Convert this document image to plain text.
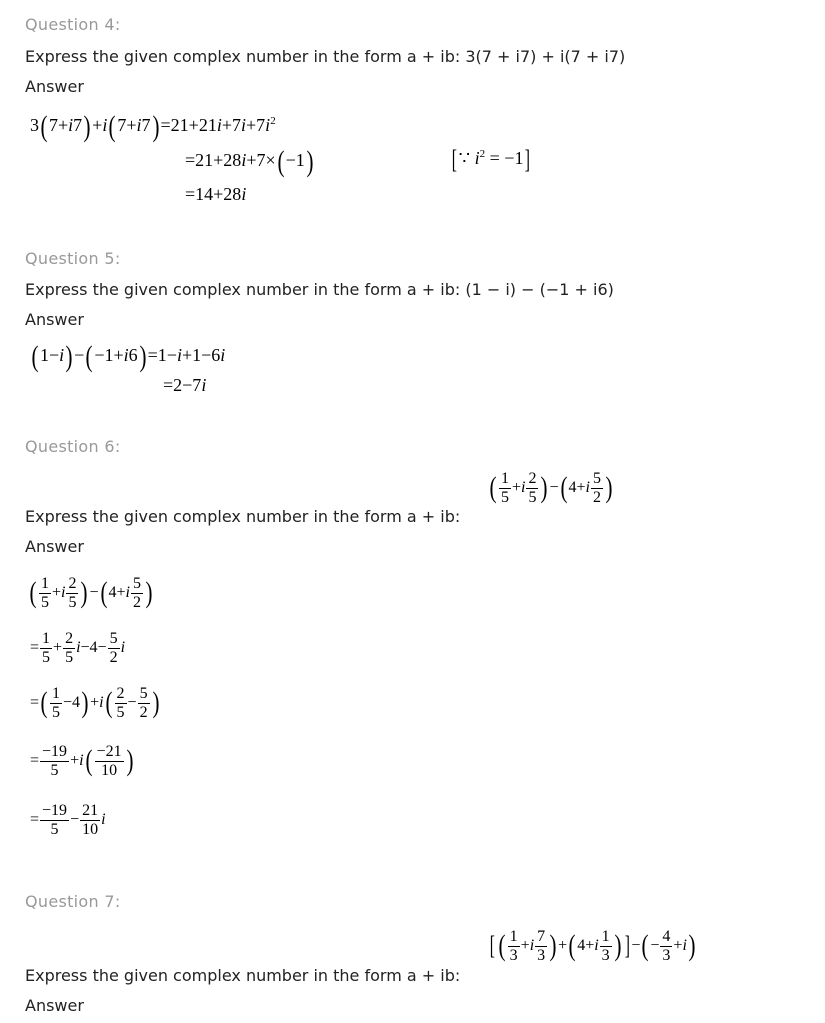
Question 4:
Express the given complex number in the form a + ib: 3(7 + i7) + i(7 + i7)
Answer
$3(7+i7)+i(7+i7)=21+21i+7i+7i^2$
=21+28i+7×(−1)	[∵ $i^2 = -1$]
=14+28i
Question 5:
Express the given complex number in the form a + ib: (1 − i) − (−1 + i6)
Answer
(1−i)−(−1+i6)=1−i+1−6i
=2−7i
Question 6:
Express the given complex number in the form a + ib:
( $\frac{1}{5} +i \frac{2}{5} )-(4+i \frac{5}{2}$ )
Answer
( $\frac{1}{5} +i \frac{2}{5} )-(4+i \frac{5}{2}$ )
= $\frac{1}{5} + \frac{2}{5} i-4- \frac{5}{2}$ i
=( $\frac{1}{5} -4)+i( \frac{2}{5} - \frac{5}{2}$ )
= $\frac{-19}{5} +i( \frac{-21}{10}$ )
= $\frac{-19}{5} - \frac{21}{10}$ i
Question 7:
Express the given complex number in the form a + ib:
[ ( $\frac{1}{3} +i \frac{7}{3} )+(4+i \frac{1}{3}$ ) ] −(− $\frac{4}{3} +i$)
Answer
